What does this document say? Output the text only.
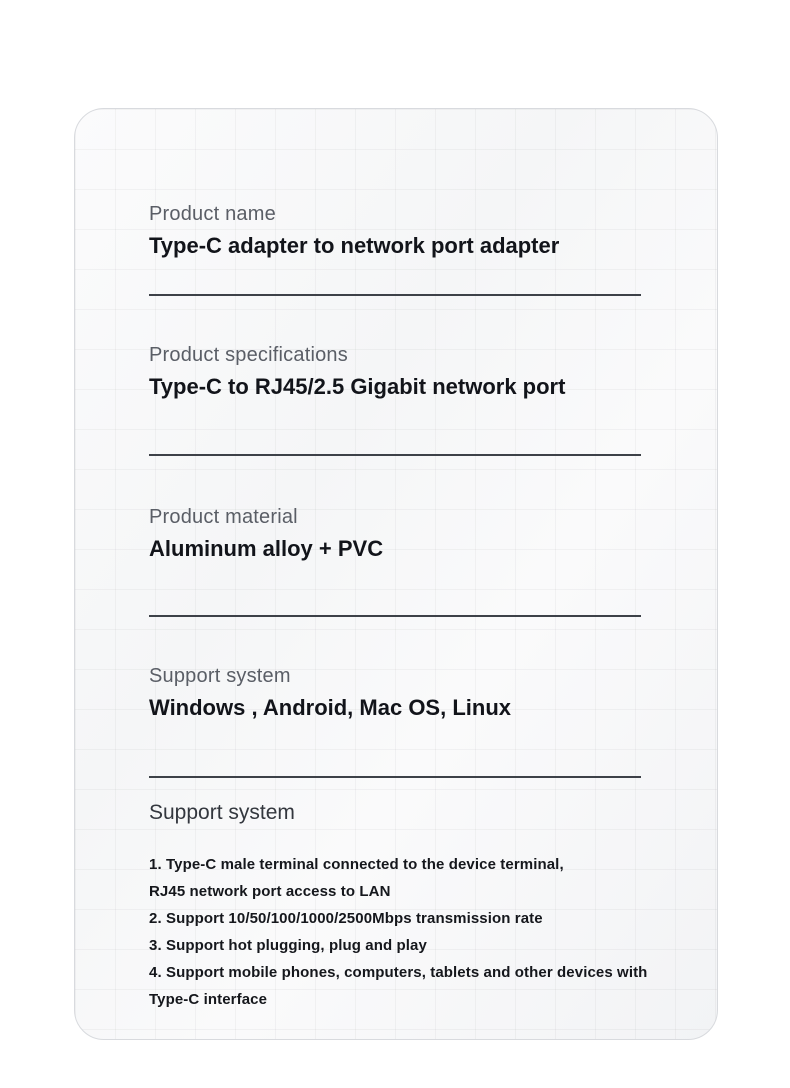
Product name
Type-C adapter to network port adapter
Product specifications
Type-C to RJ45/2.5 Gigabit network port
Product material
Aluminum alloy + PVC
Support system
Windows , Android, Mac OS, Linux
Support system
1. Type-C male terminal connected to the device terminal,
RJ45 network port access to LAN
2. Support 10/50/100/1000/2500Mbps transmission rate
3. Support hot plugging, plug and play
4. Support mobile phones, computers, tablets and other devices with
Type-C interface
